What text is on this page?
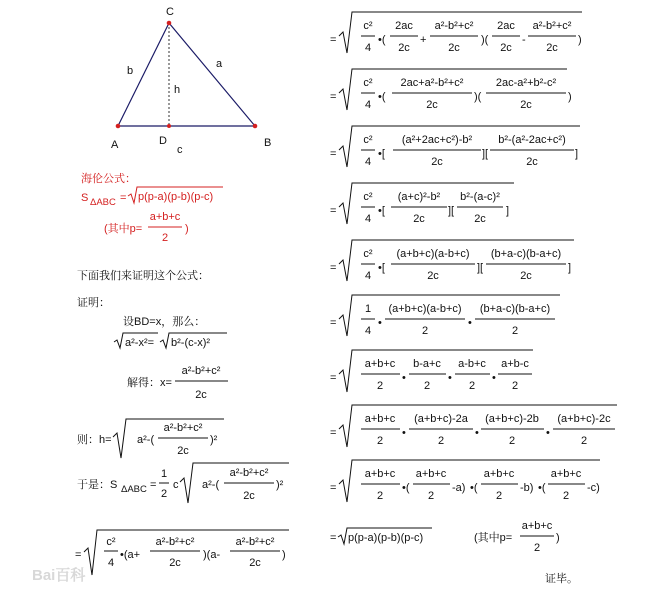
C
A	D	B
b
a
c
h
海伦公式：
S ΔABC = p(p-a)(p-b)(p-c)
(其中p=
a+b+c
2
)
下面我们来证明这个公式：
证明：
设BD=x，那么：
a²-x²= b²-(c-x)²
解得：x=
a²-b²+c²
2c
则：h= a²-(
a²-b²+c²
2c
)²
于是：S ΔABC =
1
2
c a²-(
a²-b²+c²
2c
)²
=
c²
4
•(a+
a²-b²+c²
2c
)(a-
a²-b²+c²
2c
)
=
c²
4
•(
2ac
2c
+
a²-b²+c²
2c
)(
2ac
2c
-
a²-b²+c²
2c
)
=
c²
4
•(
2ac+a²-b²+c²
2c
)(
2ac-a²+b²-c²
2c
)
=
c²
4
•[
(a²+2ac+c²)-b²
2c
][
b²-(a²-2ac+c²)
2c
]
=
c²
4
•[
(a+c)²-b²
2c
][
b²-(a-c)²
2c
]
=
c²
4
•[
(a+b+c)(a-b+c)
2c
][
(b+a-c)(b-a+c)
2c
]
=
1
4
•
(a+b+c)(a-b+c)
2
•
(b+a-c)(b-a+c)
2
=
a+b+c
2
•
b-a+c
2
•
a-b+c
2
•
a+b-c
2
=
a+b+c
2
•
(a+b+c)-2a
2
•
(a+b+c)-2b
2
•
(a+b+c)-2c
2
=
a+b+c
2
•(
a+b+c
2
-a) •(
a+b+c
2
-b) •(
a+b+c
2
-c)
= p(p-a)(p-b)(p-c)	(其中p=
a+b+c
2
)
证毕。
Bai百科
